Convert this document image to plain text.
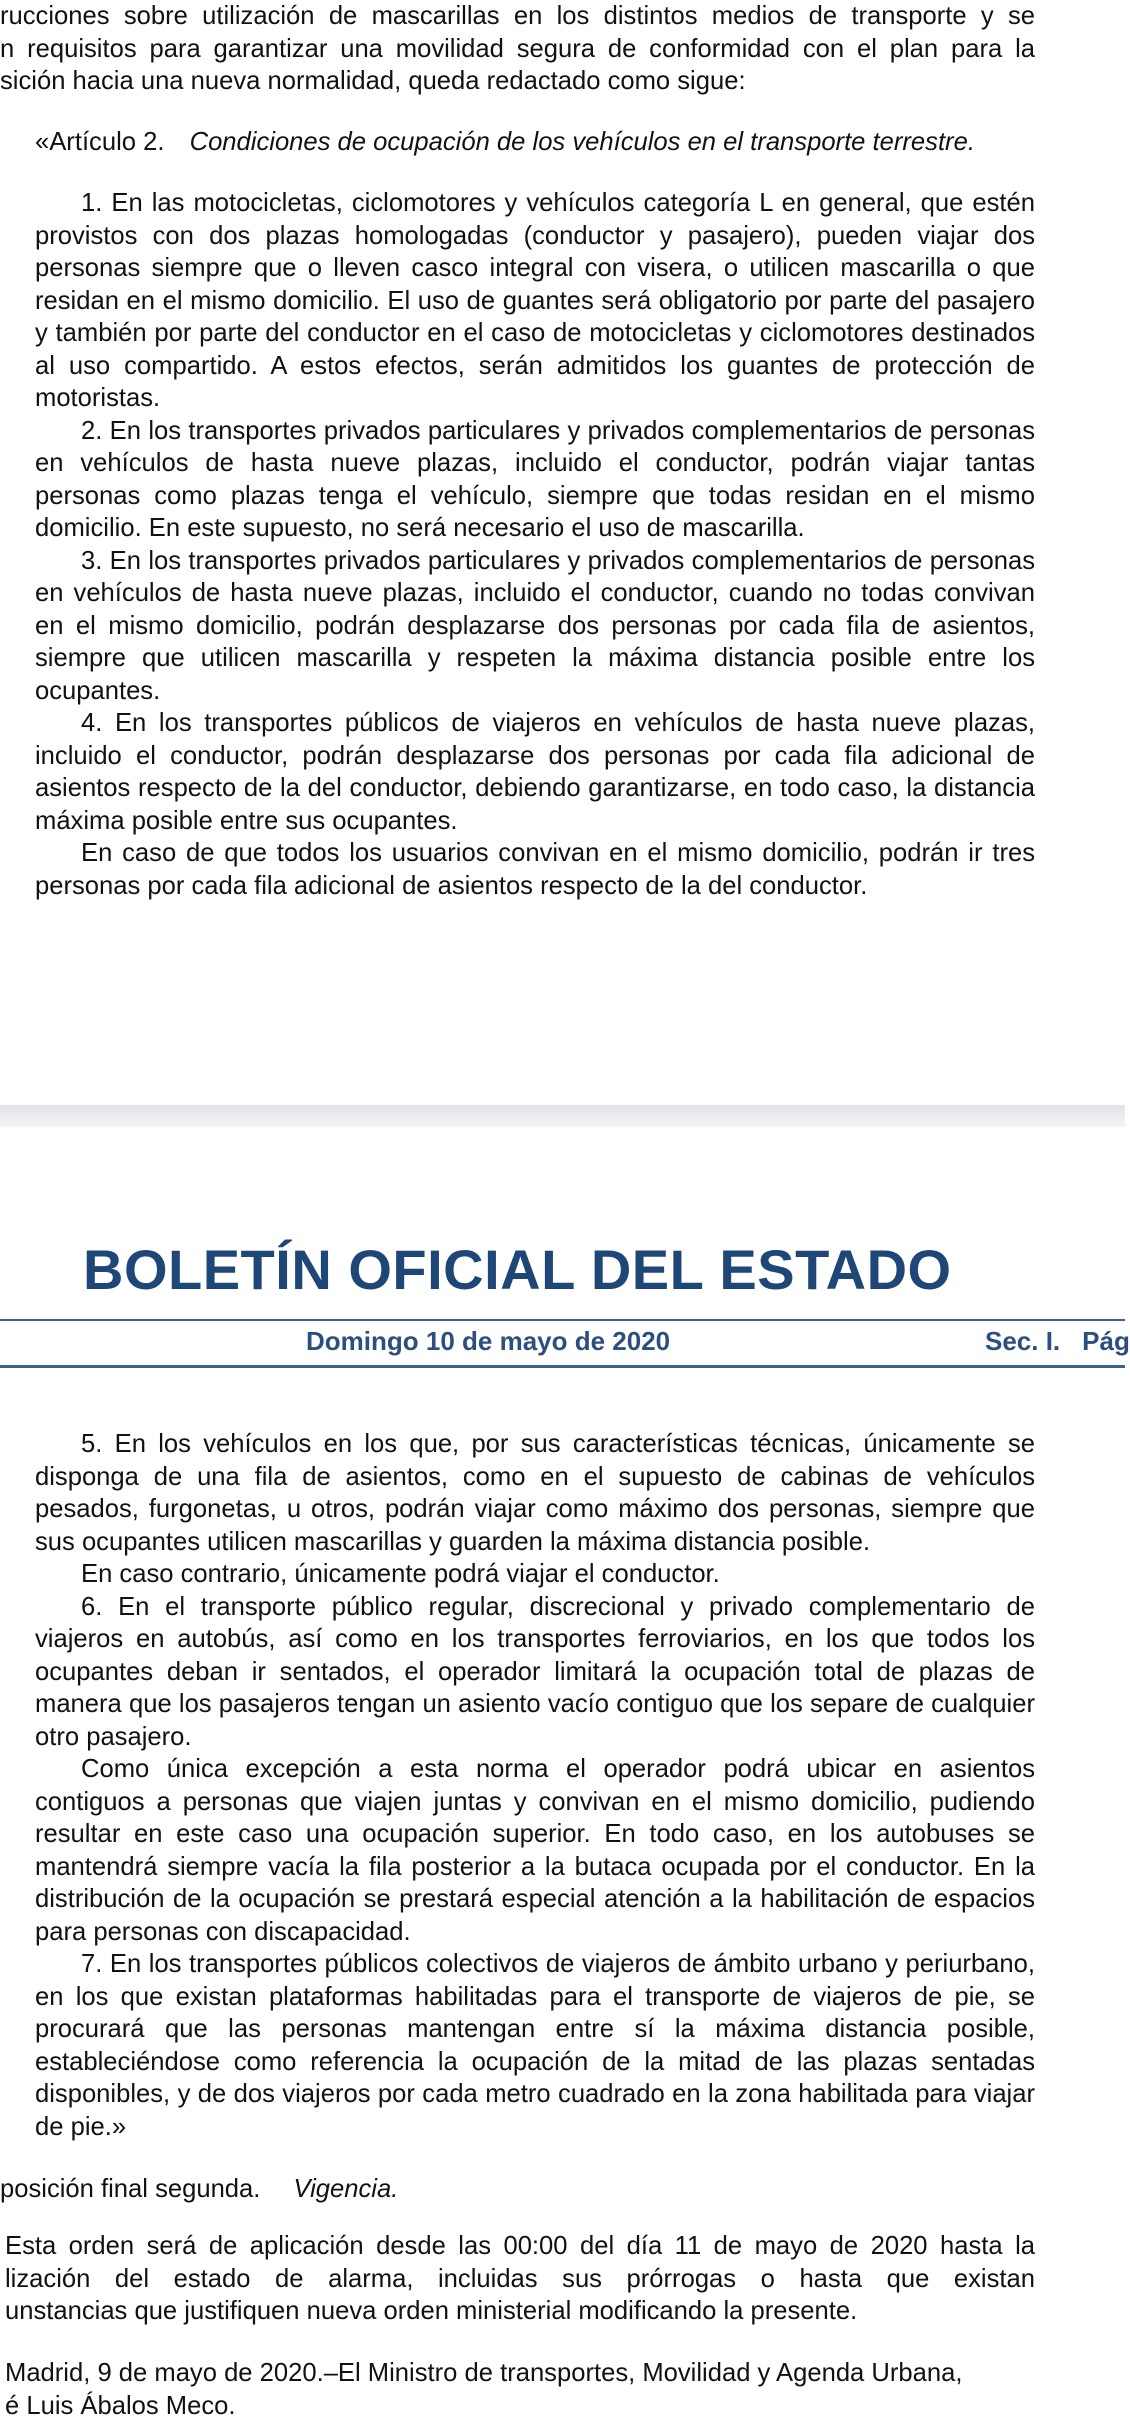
rucciones sobre utilización de mascarillas en los distintos medios de transporte y se

n requisitos para garantizar una movilidad segura de conformidad con el plan para la

sición hacia una nueva normalidad, queda redactado como sigue:

«Artículo 2. Condiciones de ocupación de los vehículos en el transporte terrestre.

1. En las motocicletas, ciclomotores y vehículos categoría L en general, que estén provistos con dos plazas homologadas (conductor y pasajero), pueden viajar dos personas siempre que o lleven casco integral con visera, o utilicen mascarilla o que residan en el mismo domicilio. El uso de guantes será obligatorio por parte del pasajero y también por parte del conductor en el caso de motocicletas y ciclomotores destinados al uso compartido. A estos efectos, serán admitidos los guantes de protección de motoristas.

2. En los transportes privados particulares y privados complementarios de personas en vehículos de hasta nueve plazas, incluido el conductor, podrán viajar tantas personas como plazas tenga el vehículo, siempre que todas residan en el mismo domicilio. En este supuesto, no será necesario el uso de mascarilla.

3. En los transportes privados particulares y privados complementarios de personas en vehículos de hasta nueve plazas, incluido el conductor, cuando no todas convivan en el mismo domicilio, podrán desplazarse dos personas por cada fila de asientos, siempre que utilicen mascarilla y respeten la máxima distancia posible entre los ocupantes.

4. En los transportes públicos de viajeros en vehículos de hasta nueve plazas, incluido el conductor, podrán desplazarse dos personas por cada fila adicional de asientos respecto de la del conductor, debiendo garantizarse, en todo caso, la distancia máxima posible entre sus ocupantes.

En caso de que todos los usuarios convivan en el mismo domicilio, podrán ir tres personas por cada fila adicional de asientos respecto de la del conductor.

BOLETÍN OFICIAL DEL ESTADO
Domingo 10 de mayo de 2020	Sec. I. Pág

5. En los vehículos en los que, por sus características técnicas, únicamente se disponga de una fila de asientos, como en el supuesto de cabinas de vehículos pesados, furgonetas, u otros, podrán viajar como máximo dos personas, siempre que sus ocupantes utilicen mascarillas y guarden la máxima distancia posible.

En caso contrario, únicamente podrá viajar el conductor.

6. En el transporte público regular, discrecional y privado complementario de viajeros en autobús, así como en los transportes ferroviarios, en los que todos los ocupantes deban ir sentados, el operador limitará la ocupación total de plazas de manera que los pasajeros tengan un asiento vacío contiguo que los separe de cualquier otro pasajero.

Como única excepción a esta norma el operador podrá ubicar en asientos contiguos a personas que viajen juntas y convivan en el mismo domicilio, pudiendo resultar en este caso una ocupación superior. En todo caso, en los autobuses se mantendrá siempre vacía la fila posterior a la butaca ocupada por el conductor. En la distribución de la ocupación se prestará especial atención a la habilitación de espacios para personas con discapacidad.

7. En los transportes públicos colectivos de viajeros de ámbito urbano y periurbano, en los que existan plataformas habilitadas para el transporte de viajeros de pie, se procurará que las personas mantengan entre sí la máxima distancia posible, estableciéndose como referencia la ocupación de la mitad de las plazas sentadas disponibles, y de dos viajeros por cada metro cuadrado en la zona habilitada para viajar de pie.»

posición final segunda. Vigencia.

Esta orden será de aplicación desde las 00:00 del día 11 de mayo de 2020 hasta la

lización del estado de alarma, incluidas sus prórrogas o hasta que existan

unstancias que justifiquen nueva orden ministerial modificando la presente.

Madrid, 9 de mayo de 2020.–El Ministro de transportes, Movilidad y Agenda Urbana,

é Luis Ábalos Meco.
